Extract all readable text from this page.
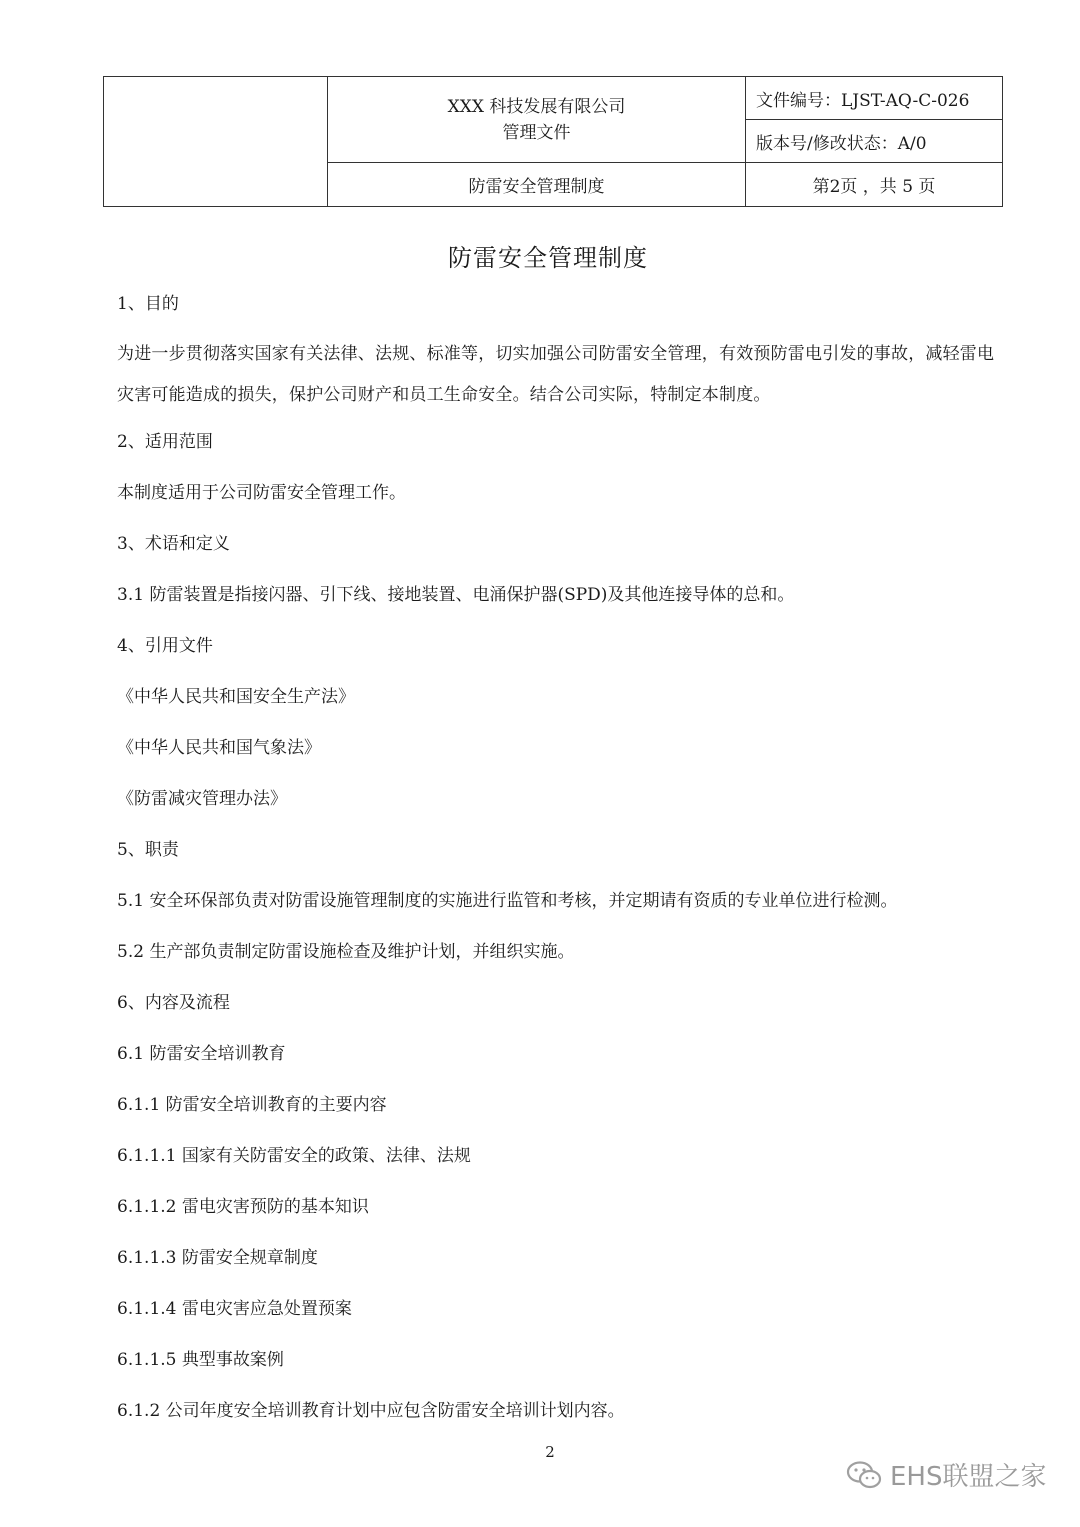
	XXX 科技发展有限公司
管理文件	文件编号：LJST-AQ-C-026
		版本号/修改状态：A/0
	防雷安全管理制度	第2页 ，共 5 页
防雷安全管理制度

1、目的

为进一步贯彻落实国家有关法律、法规、标准等，切实加强公司防雷安全管理，有效预防雷电引发的事故，减轻雷电灾害可能造成的损失，保护公司财产和员工生命安全。结合公司实际，特制定本制度。

2、适用范围

本制度适用于公司防雷安全管理工作。

3、术语和定义

3.1 防雷装置是指接闪器、引下线、接地装置、电涌保护器(SPD)及其他连接导体的总和。

4、引用文件

《中华人民共和国安全生产法》

《中华人民共和国气象法》

《防雷减灾管理办法》

5、职责

5.1 安全环保部负责对防雷设施管理制度的实施进行监管和考核，并定期请有资质的专业单位进行检测。

5.2 生产部负责制定防雷设施检查及维护计划，并组织实施。

6、内容及流程

6.1 防雷安全培训教育

6.1.1 防雷安全培训教育的主要内容

6.1.1.1 国家有关防雷安全的政策、法律、法规

6.1.1.2 雷电灾害预防的基本知识

6.1.1.3 防雷安全规章制度

6.1.1.4 雷电灾害应急处置预案

6.1.1.5 典型事故案例

6.1.2 公司年度安全培训教育计划中应包含防雷安全培训计划内容。

2
EHS联盟之家
